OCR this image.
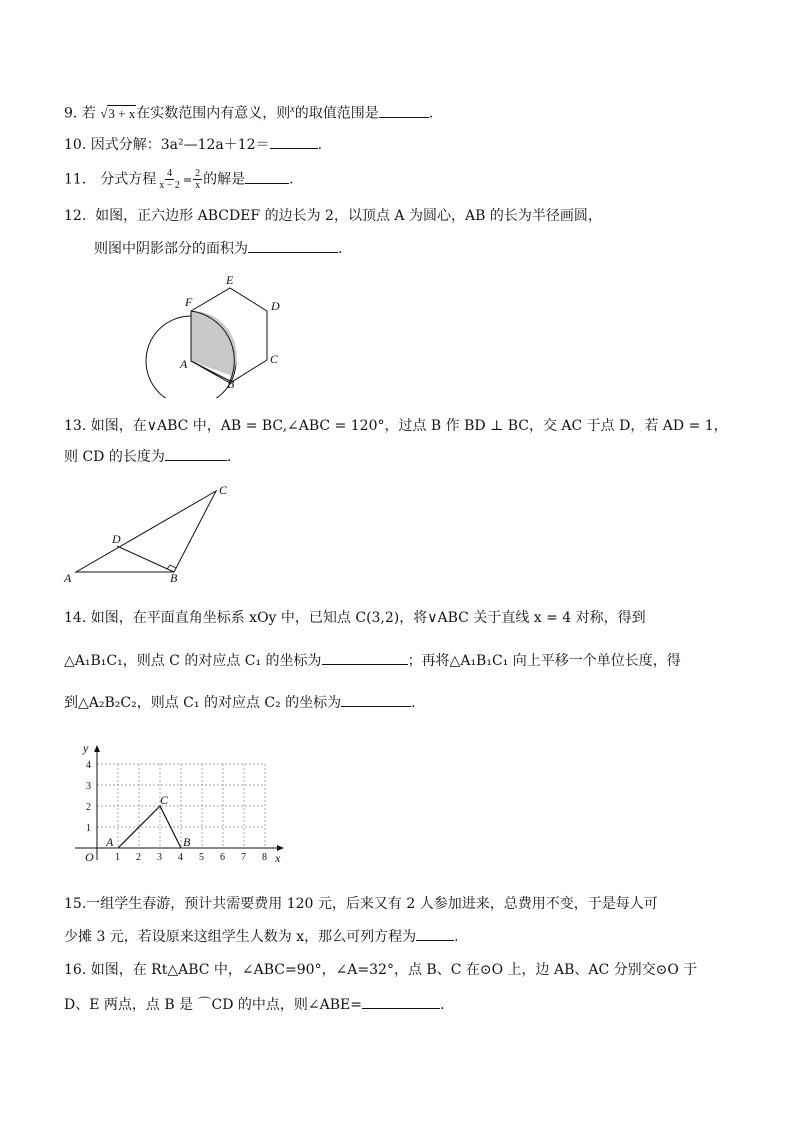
9. 若 √3 + x在实数范围内有意义，则$^x$的取值范围是	.
10. 因式分解：3a²—12a＋12＝	.
11． 分式方程 $\frac{4}{x - 2} = \frac{2}{x}$ 的解是	.
12. 如图，正六边形 ABCDEF 的边长为 2，以顶点 A 为圆心，AB 的长为半径画圆，
则图中阴影部分的面积为	.
E
D
F
C
A
B
13. 如图，在∨ABC 中，AB = BC,∠ABC = 120°，过点 B 作 BD ⊥ BC，交 AC 于点 D，若 AD = 1，
则 CD 的长度为	.
C
D
A	B
14. 如图，在平面直角坐标系 xOy 中，已知点 C(3,2)，将∨ABC 关于直线 x = 4 对称，得到
△A₁B₁C₁，则点 C 的对应点 C₁ 的坐标为	；再将△A₁B₁C₁ 向上平移一个单位长度，得
到△A₂B₂C₂，则点 C₁ 的对应点 C₂ 的坐标为	.
y
x
O
1
2
3
4
1 2 3 4 5 6 7 8
A	B
C
15.一组学生春游，预计共需要费用 120 元，后来又有 2 人参加进来，总费用不变，于是每人可
少摊 3 元，若设原来这组学生人数为 x，那么可列方程为	.
16. 如图，在 Rt△ABC 中，∠ABC=90°，∠A=32°，点 B、C 在⊙O 上，边 AB、AC 分别交⊙O 于
D、E 两点，点 B 是 ⌒CD 的中点，则∠ABE=	.
